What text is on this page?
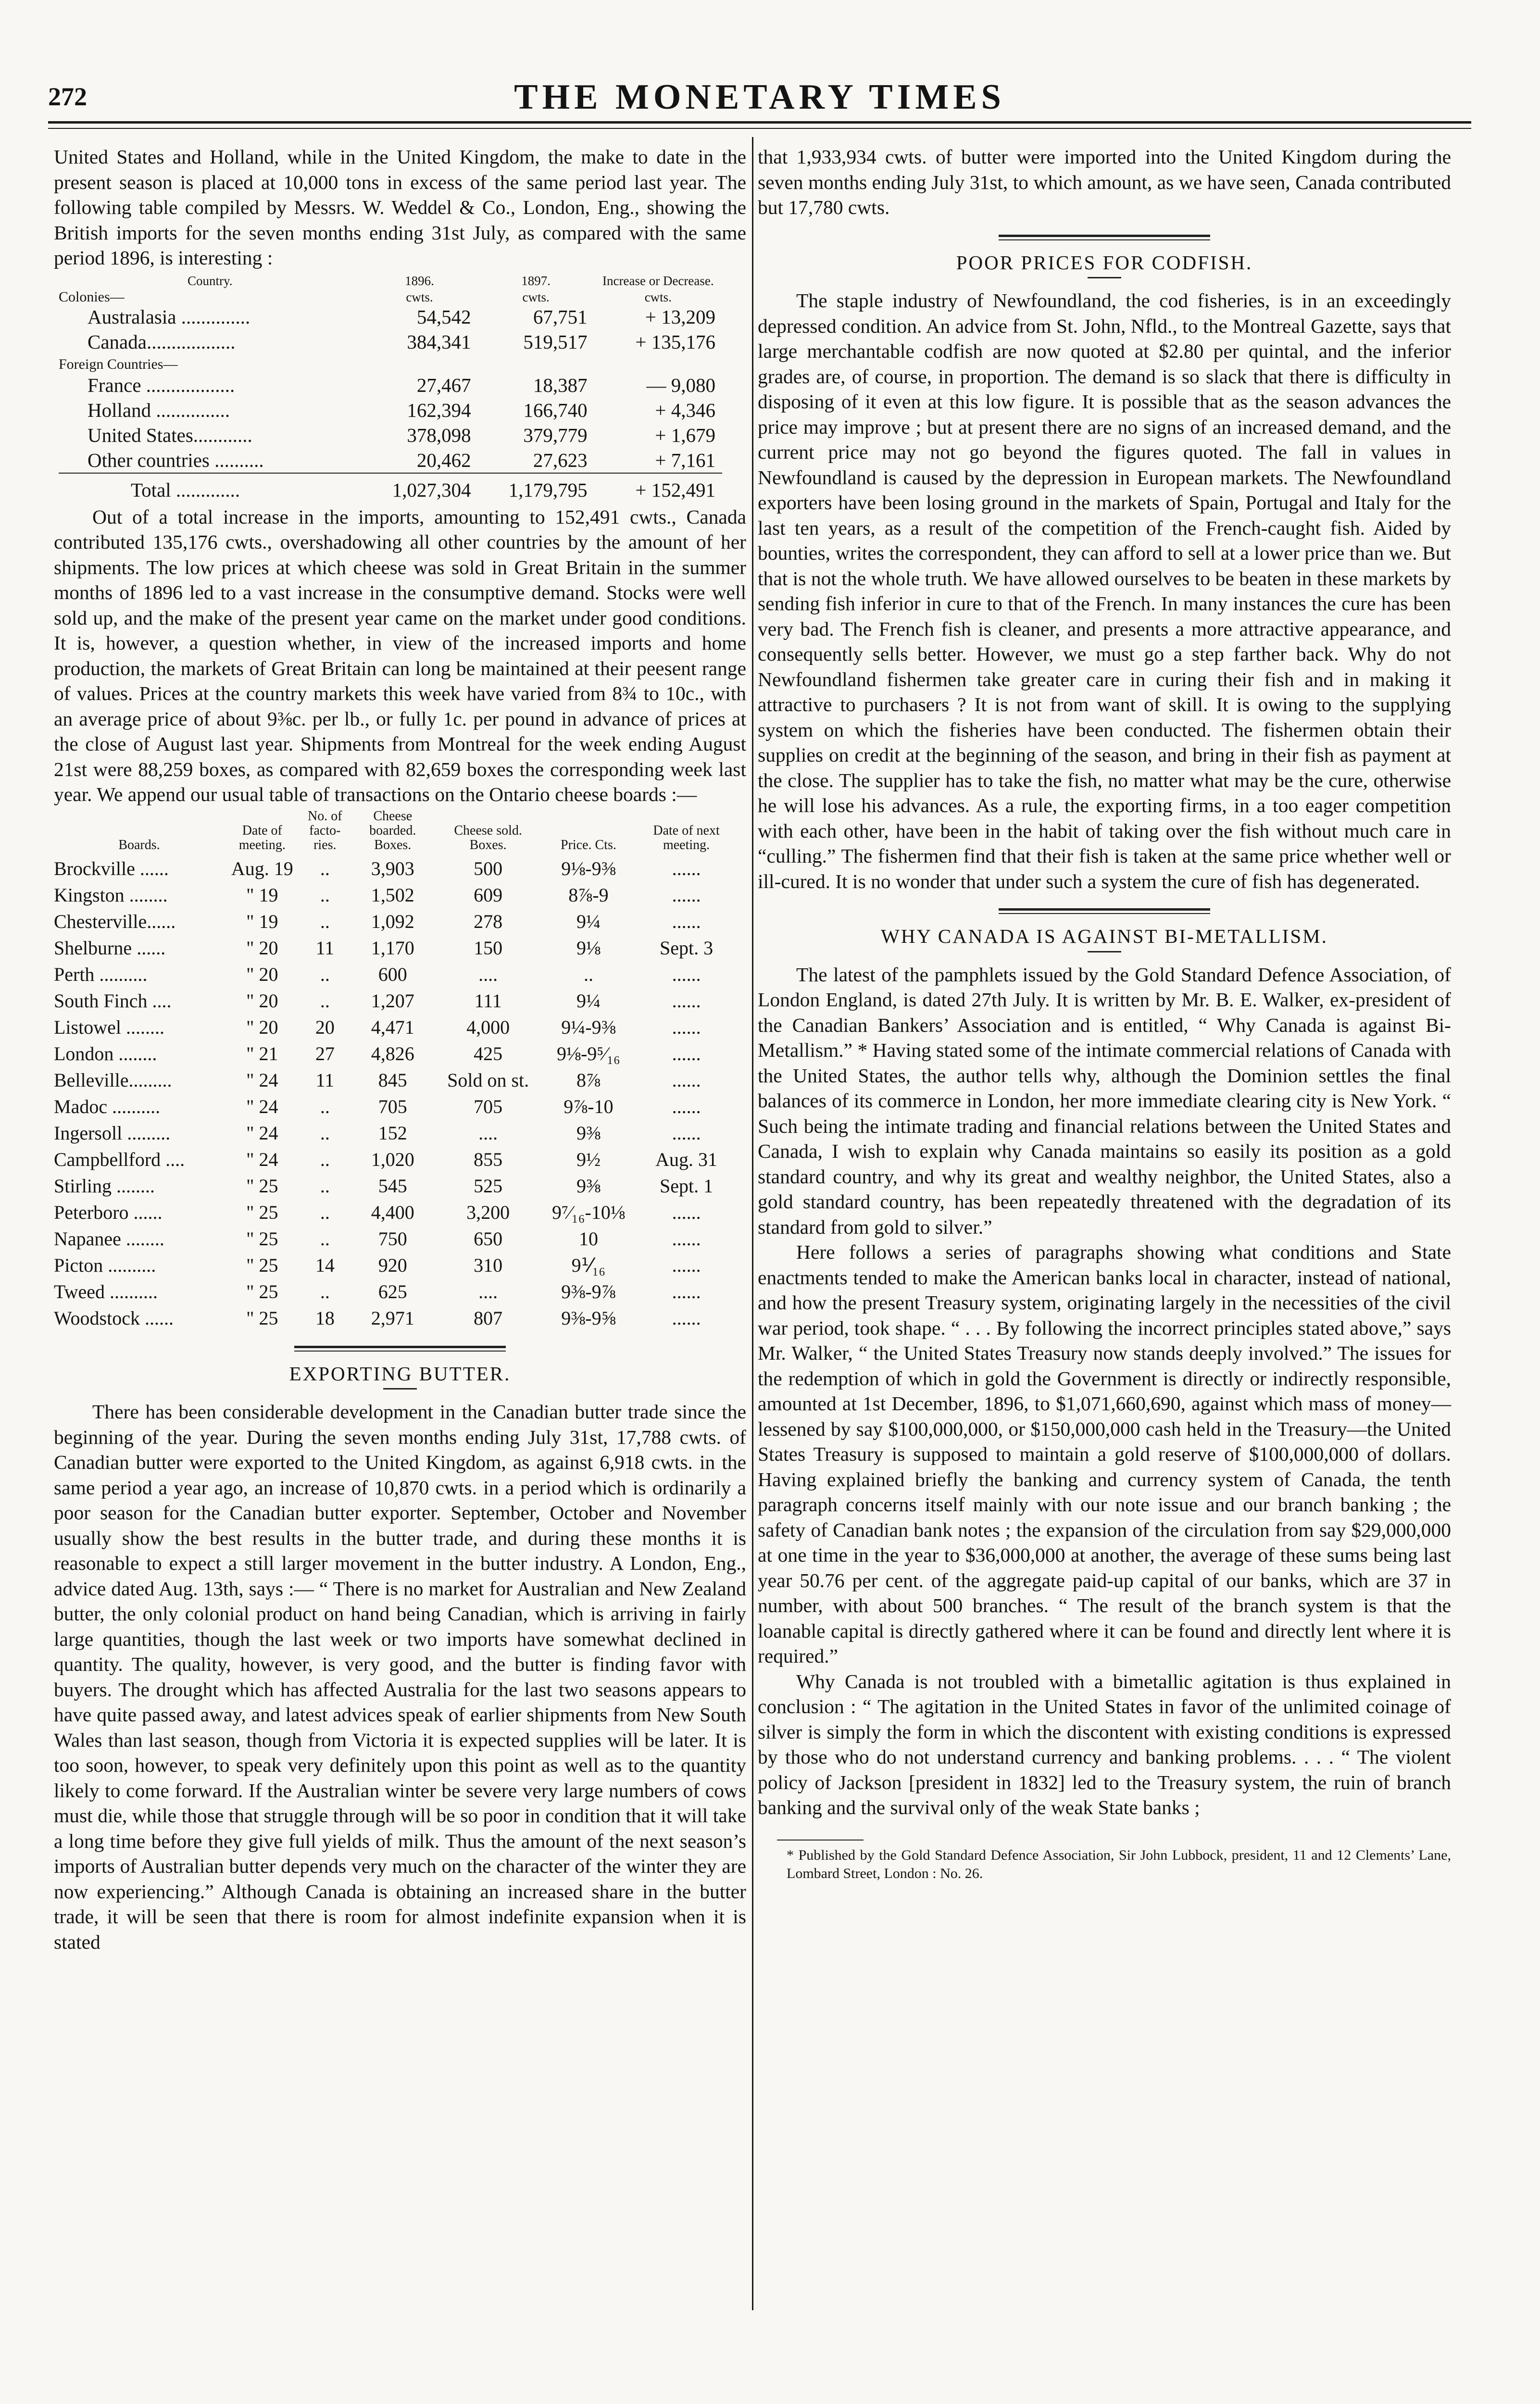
272	THE MONETARY TIMES

United States and Holland, while in the United Kingdom, the make to date in the present season is placed at 10,000 tons in excess of the same period last year. The following table compiled by Messrs. W. Weddel & Co., London, Eng., showing the British imports for the seven months ending 31st July, as compared with the same period 1896, is interesting :

Country.	1896.	1897.	Increase or Decrease.
Colonies—	cwts.	cwts.	cwts.
Australasia ..............	54,542	67,751	+ 13,209
Canada..................	384,341	519,517	+ 135,176
Foreign Countries—			
France ..................	27,467	18,387	— 9,080
Holland ...............	162,394	166,740	+ 4,346
United States............	378,098	379,779	+ 1,679
Other countries ..........	20,462	27,623	+ 7,161
Total .............	1,027,304	1,179,795	+ 152,491

Out of a total increase in the imports, amounting to 152,491 cwts., Canada contributed 135,176 cwts., overshadowing all other countries by the amount of her shipments. The low prices at which cheese was sold in Great Britain in the summer months of 1896 led to a vast increase in the consumptive demand. Stocks were well sold up, and the make of the present year came on the market under good conditions. It is, however, a question whether, in view of the increased imports and home production, the markets of Great Britain can long be maintained at their peesent range of values. Prices at the country markets this week have varied from 8¾ to 10c., with an average price of about 9⅜c. per lb., or fully 1c. per pound in advance of prices at the close of August last year. Shipments from Montreal for the week ending August 21st were 88,259 boxes, as compared with 82,659 boxes the corresponding week last year. We append our usual table of transactions on the Ontario cheese boards :—

Boards.	Date of meeting.	No. of facto-ries.	Cheese boarded. Boxes.	Cheese sold. Boxes.	Price. Cts.	Date of next meeting.
Brockville ......	Aug. 19	..	3,903	500	9⅛-9⅜	......
Kingston ........	" 19	..	1,502	609	8⅞-9	......
Chesterville......	" 19	..	1,092	278	9¼	......
Shelburne ......	" 20	11	1,170	150	9⅛	Sept. 3
Perth ..........	" 20	..	600	....	..	......
South Finch ....	" 20	..	1,207	111	9¼	......
Listowel ........	" 20	20	4,471	4,000	9¼-9⅜	......
London ........	" 21	27	4,826	425	9⅛-9⁵⁄₁₆	......
Belleville.........	" 24	11	845	Sold on st.	8⅞	......
Madoc ..........	" 24	..	705	705	9⅞-10	......
Ingersoll .........	" 24	..	152	....	9⅜	......
Campbellford ....	" 24	..	1,020	855	9½	Aug. 31
Stirling ........	" 25	..	545	525	9⅜	Sept. 1
Peterboro ......	" 25	..	4,400	3,200	9⁷⁄₁₆-10⅛	......
Napanee ........	" 25	..	750	650	10	......
Picton ..........	" 25	14	920	310	9⅟₁₆	......
Tweed ..........	" 25	..	625	....	9⅜-9⅞	......
Woodstock ......	" 25	18	2,971	807	9⅜-9⅝	......
EXPORTING BUTTER.

There has been considerable development in the Canadian butter trade since the beginning of the year. During the seven months ending July 31st, 17,788 cwts. of Canadian butter were exported to the United Kingdom, as against 6,918 cwts. in the same period a year ago, an increase of 10,870 cwts. in a period which is ordinarily a poor season for the Canadian butter exporter. September, October and November usually show the best results in the butter trade, and during these months it is reasonable to expect a still larger movement in the butter industry. A London, Eng., advice dated Aug. 13th, says :— “ There is no market for Australian and New Zealand butter, the only colonial product on hand being Canadian, which is arriving in fairly large quantities, though the last week or two imports have somewhat declined in quantity. The quality, however, is very good, and the butter is finding favor with buyers. The drought which has affected Australia for the last two seasons appears to have quite passed away, and latest advices speak of earlier shipments from New South Wales than last season, though from Victoria it is expected supplies will be later. It is too soon, however, to speak very definitely upon this point as well as to the quantity likely to come forward. If the Australian winter be severe very large numbers of cows must die, while those that struggle through will be so poor in condition that it will take a long time before they give full yields of milk. Thus the amount of the next season’s imports of Australian butter depends very much on the character of the winter they are now experiencing.” Although Canada is obtaining an increased share in the butter trade, it will be seen that there is room for almost indefinite expansion when it is stated

that 1,933,934 cwts. of butter were imported into the United Kingdom during the seven months ending July 31st, to which amount, as we have seen, Canada contributed but 17,780 cwts.

POOR PRICES FOR CODFISH.

The staple industry of Newfoundland, the cod fisheries, is in an exceedingly depressed condition. An advice from St. John, Nfld., to the Montreal Gazette, says that large merchantable codfish are now quoted at $2.80 per quintal, and the inferior grades are, of course, in proportion. The demand is so slack that there is difficulty in disposing of it even at this low figure. It is possible that as the season advances the price may improve ; but at present there are no signs of an increased demand, and the current price may not go beyond the figures quoted. The fall in values in Newfoundland is caused by the depression in European markets. The Newfoundland exporters have been losing ground in the markets of Spain, Portugal and Italy for the last ten years, as a result of the competition of the French-caught fish. Aided by bounties, writes the correspondent, they can afford to sell at a lower price than we. But that is not the whole truth. We have allowed ourselves to be beaten in these markets by sending fish inferior in cure to that of the French. In many instances the cure has been very bad. The French fish is cleaner, and presents a more attractive appearance, and consequently sells better. However, we must go a step farther back. Why do not Newfoundland fishermen take greater care in curing their fish and in making it attractive to purchasers ? It is not from want of skill. It is owing to the supplying system on which the fisheries have been conducted. The fishermen obtain their supplies on credit at the beginning of the season, and bring in their fish as payment at the close. The supplier has to take the fish, no matter what may be the cure, otherwise he will lose his advances. As a rule, the exporting firms, in a too eager competition with each other, have been in the habit of taking over the fish without much care in “culling.” The fishermen find that their fish is taken at the same price whether well or ill-cured. It is no wonder that under such a system the cure of fish has degenerated.

WHY CANADA IS AGAINST BI-METALLISM.

The latest of the pamphlets issued by the Gold Standard Defence Association, of London England, is dated 27th July. It is written by Mr. B. E. Walker, ex-president of the Canadian Bankers’ Association and is entitled, “ Why Canada is against Bi-Metallism.” * Having stated some of the intimate commercial relations of Canada with the United States, the author tells why, although the Dominion settles the final balances of its commerce in London, her more immediate clearing city is New York. “ Such being the intimate trading and financial relations between the United States and Canada, I wish to explain why Canada maintains so easily its position as a gold standard country, and why its great and wealthy neighbor, the United States, also a gold standard country, has been repeatedly threatened with the degradation of its standard from gold to silver.”

Here follows a series of paragraphs showing what conditions and State enactments tended to make the American banks local in character, instead of national, and how the present Treasury system, originating largely in the necessities of the civil war period, took shape. “ . . . By following the incorrect principles stated above,” says Mr. Walker, “ the United States Treasury now stands deeply involved.” The issues for the redemption of which in gold the Government is directly or indirectly responsible, amounted at 1st December, 1896, to $1,071,660,690, against which mass of money—lessened by say $100,000,000, or $150,000,000 cash held in the Treasury—the United States Treasury is supposed to maintain a gold reserve of $100,000,000 of dollars. Having explained briefly the banking and currency system of Canada, the tenth paragraph concerns itself mainly with our note issue and our branch banking ; the safety of Canadian bank notes ; the expansion of the circulation from say $29,000,000 at one time in the year to $36,000,000 at another, the average of these sums being last year 50.76 per cent. of the aggregate paid-up capital of our banks, which are 37 in number, with about 500 branches. “ The result of the branch system is that the loanable capital is directly gathered where it can be found and directly lent where it is required.”

Why Canada is not troubled with a bimetallic agitation is thus explained in conclusion : “ The agitation in the United States in favor of the unlimited coinage of silver is simply the form in which the discontent with existing conditions is expressed by those who do not understand currency and banking problems. . . . “ The violent policy of Jackson [president in 1832] led to the Treasury system, the ruin of branch banking and the survival only of the weak State banks ;

* Published by the Gold Standard Defence Association, Sir John Lubbock, president, 11 and 12 Clements’ Lane, Lombard Street, London : No. 26.
